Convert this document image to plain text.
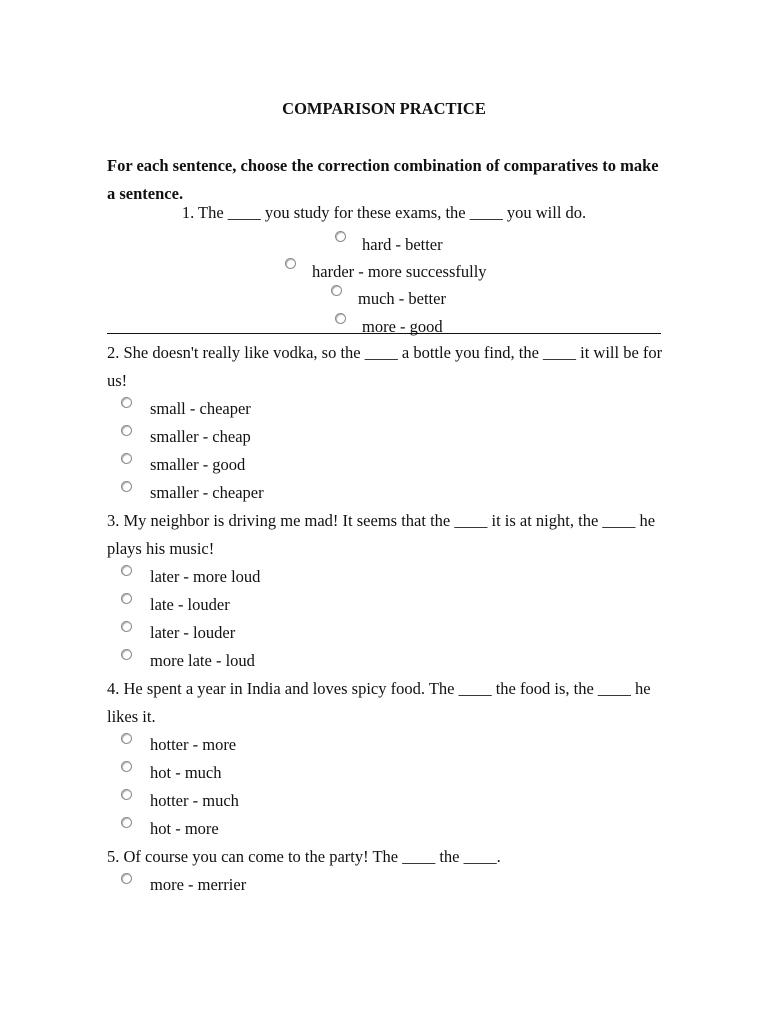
COMPARISON PRACTICE
For each sentence, choose the correction combination of comparatives to make a sentence.
1. The ____ you study for these exams, the ____ you will do.
hard - better
harder - more successfully
much - better
more - good
2. She doesn't really like vodka, so the ____ a bottle you find, the ____ it will be for us!
small - cheaper
smaller - cheap
smaller - good
smaller - cheaper
3. My neighbor is driving me mad! It seems that the ____ it is at night, the ____ he plays his music!
later - more loud
late - louder
later - louder
more late - loud
4. He spent a year in India and loves spicy food. The ____ the food is, the ____ he likes it.
hotter - more
hot - much
hotter - much
hot - more
5. Of course you can come to the party! The ____ the ____.
more - merrier
